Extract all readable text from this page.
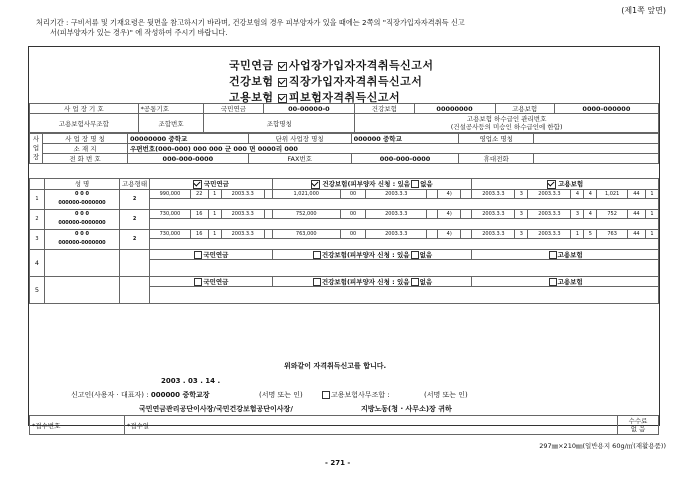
(제1쪽 앞면)
처리기간 : 구비서류 및 기재요령은 뒷면을 참고하시기 바라며, 건강보험의 경우 피부양자가 있을 때에는 2쪽의 "직장가입자자격취득 신고
서(피부양자가 있는 경우)" 에 작성하여 주시기 바랍니다.
국민연금 사업장가입자자격취득신고서
건강보험 직장가입자자격취득신고서
고용보험 피보험자격취득신고서
사 업 장 기 호	*공통기호	국민연금	00-00000-0	건강보험	00000000	고용보험	0000-000000
고용보험사무조합	조합번호	조합명칭		고용보험 하수급인 관리번호
(건설공사등의 미승인 하수급인에 한함)			
사업장	사 업 장 명 칭	00000000 중학교	단위 사업장 명칭	000000 중학교	영업소 명칭	
	소 재 지	우편번호(000-000) 000 000 군 000 면 0000리 000				
	전 화 번 호	000-000-0000	FAX번호	000-000-0000	휴대전화	
	성 명	고용형태	국민연금					건강보험(피부양자 신청 : 있음 없음						고용보험							
1	0 0 0
000000-0000000	2	990,000	22	1	2003.3.3		1,021,000	00	2003.3.3		4)		2003.3.3	3	2003.3.3	4	4	1,021	44	1

2	0 0 0
000000-0000000	2	730,000	16	1	2003.3.3		752,000	00	2003.3.3		4)		2003.3.3	3	2003.3.3	3	4	752	44	1

3	0 0 0
000000-0000000	2	730,000	16	1	2003.3.3		763,000	00	2003.3.3		4)		2003.3.3	3	2003.3.3	1	5	763	44	1

4			국민연금					건강보험(피부양자 신청 : 있음 없음						고용보험							

5			국민연금					건강보험(피부양자 신청 : 있음 없음						고용보험							

위와같이 자격취득신고를 합니다.
2003 . 03 . 14 .
신고인(사용자 · 대표자) : 000000 중학교장	(서명 또는 인)	고용보험사무조합 :	(서명 또는 인)
국민연금관리공단이사장/국민건강보험공단이사장/	지방노동(청 · 사무소)장 귀하
*접수번호	*접수일	수수료
없 음
297㎜×210㎜(일반용지 60g/㎡(재활용품))
- 271 -
